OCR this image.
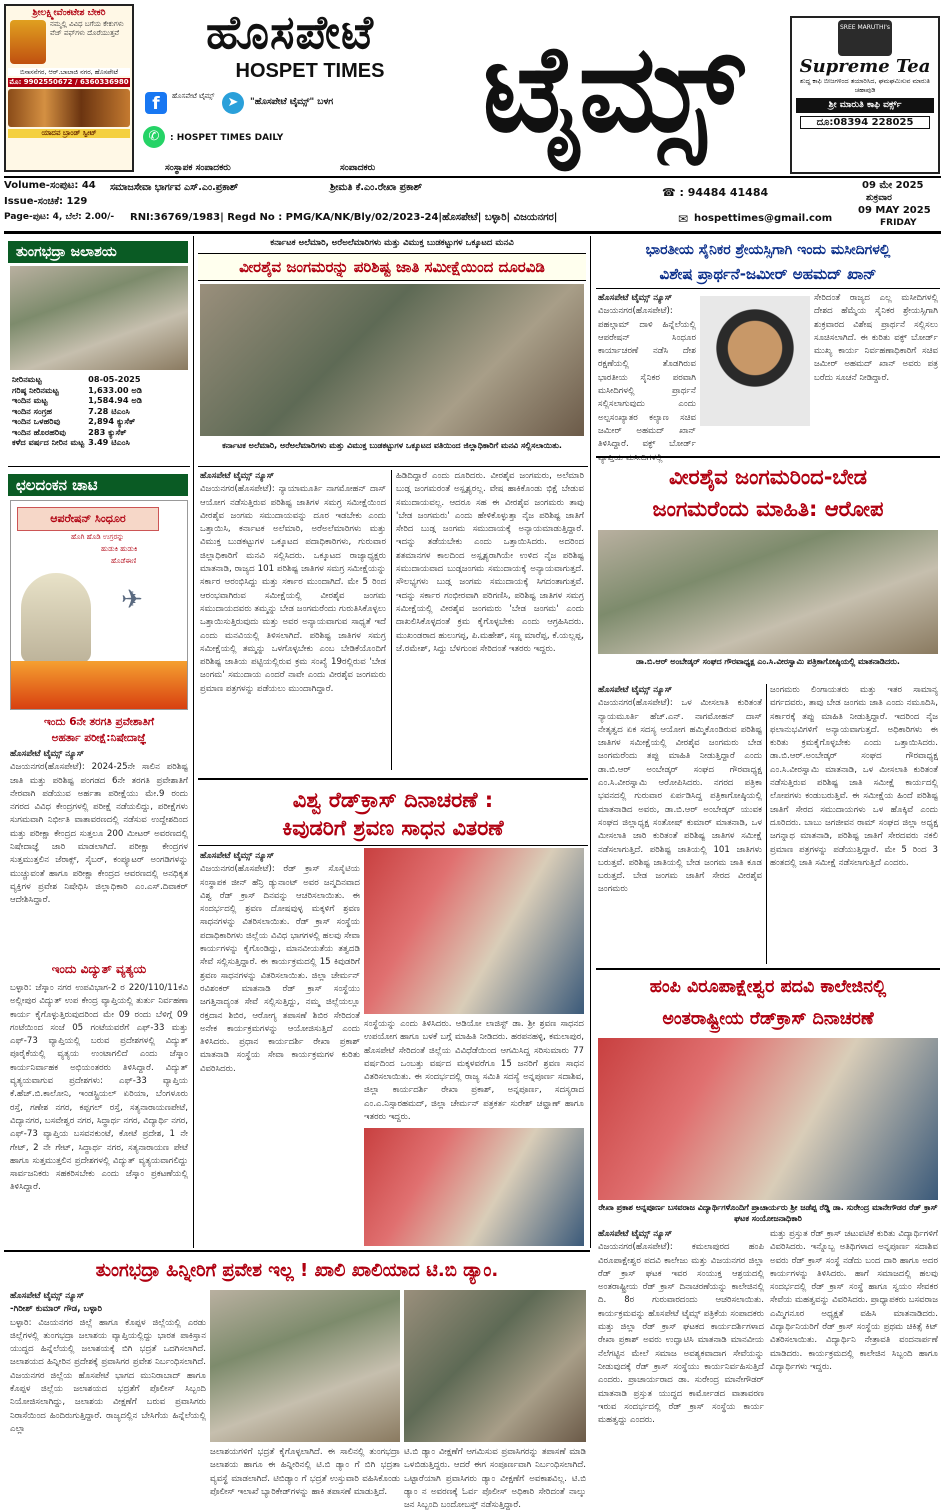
ಶ್ರೀಲಕ್ಷ್ಮೀವೆಂಕಟೇಶ ಬೇಕರಿ
ನಮ್ಮಲ್ಲಿ ವಿವಿಧ ಬಗೆಯ ಕೇಕುಗಳು ವೆಜ್ ಪಫ್‌ಗಳು ದೊರೆಯುತ್ತವೆ
ಬಿಸಾಸನೆಗರ, ಆರ್.ಬಾಲಾಜಿ ನಗರ, ಹೊಸಪೇಟೆ
ಮೊ: 9902550672 / 6360336980
ಯಾದವ ಬ್ರಾಂಡ್ ಸ್ವೀಟ್
ಹೊಸಪೇಟೆ
HOSPET TIMES ಟೈಮ್ಸ್
f	ಹೊಸಪೇಟೆ ಟೈಮ್ಸ್	➤	"ಹೊಸಪೇಟೆ ಟೈಮ್ಸ್" ಬಳಗ
✆	: HOSPET TIMES DAILY
ಸಂಸ್ಥಾಪಕ ಸಂಪಾದಕರು	ಸಂಪಾದಕರು
SREE MARUTHI's
Supreme Tea
ಶುದ್ಧ ಕಾಫಿ ಬೀಜಗಳಿಂದ ತಯಾರಿಸಿದ, ಘಮಘಮಿಸುವ ಮಾರುತಿ ಚಹಾಪುಡಿ
ಶ್ರೀ ಮಾರುತಿ ಕಾಫಿ ವರ್ಕ್ಸ್
ದೂ:08394 228025
Volume-ಸಂಪುಟ: 44
Issue-ಸಂಚಿಕೆ: 129
Page-ಪುಟ: 4, ಬೆಲೆ: 2.00/-
ಸಮಾಜಸೇವಾ ಭಾರ್ಗವ ಎಸ್.ಎಂ.ಪ್ರಕಾಶ್	ಶ್ರೀಮತಿ ಕೆ.ಎಂ.ರೇಖಾ ಪ್ರಕಾಶ್	☎ : 94484 41484
09 ಮೇ 2025
ಶುಕ್ರವಾರ
09 MAY 2025
FRIDAY
RNI:36769/1983| Regd No : PMG/KA/NK/Bly/02/2023-24|ಹೊಸಪೇಟೆ| ಬಳ್ಳಾರಿ| ವಿಜಯನಗರ|	✉ hospettimes@gmail.com
ತುಂಗಭದ್ರಾ ಜಲಾಶಯ
ನೀರಿನಮಟ್ಟ	08-05-2025
ಗರಿಷ್ಠ ನೀರಿನಮಟ್ಟ	1,633.00 ಅಡಿ
ಇಂದಿನ ಮಟ್ಟ	1,584.94 ಅಡಿ
ಇಂದಿನ ಸಂಗ್ರಹ	7.28 ಟಿಎಂಸಿ
ಇಂದಿನ ಒಳಹರಿವು	2,894 ಕ್ಯುಸೆಕ್
ಇಂದಿನ ಹೊರಹರಿವು	283 ಕ್ಯುಸೆಕ್
ಕಳೆದ ವರ್ಷದ ನೀರಿನ ಮಟ್ಟ	3.49 ಟಿಎಂಸಿ
ಛಲದಂಕನ ಚಾಟಿ
ಆಪರೇಷನ್ ಸಿಂಧೂರ
ಹೊಗಿ ಹೊಡಿ ಉಗ್ರರನ್ನು
ಹುಡುಕಿ ಹುಡುಕಿ
ಹೊಡೆಈಣಿ
✈
ಇಂದು 6ನೇ ತರಗತಿ ಪ್ರವೇಶಾತಿಗೆ
ಅಹರ್ತಾ ಪರೀಕ್ಷೆ:ನಿಷೇದಾಜ್ಞೆ
ಹೊಸಪೇಟೆ ಟೈಮ್ಸ್ ನ್ಯೂಸ್
ವಿಜಯನಗರ(ಹೊಸಪೇಟೆ): 2024-25ನೇ ಸಾಲಿನ ಪರಿಶಿಷ್ಟ ಜಾತಿ ಮತ್ತು ಪರಿಶಿಷ್ಟ ಪಂಗಡದ 6ನೇ ತರಗತಿ ಪ್ರವೇಶಾತಿಗೆ ನೇರವಾಗಿ ಪಡೆಯುವ ಅರ್ಹತಾ ಪರೀಕ್ಷೆಯು ಮೇ.9 ರಂದು ನಗರದ ವಿವಿಧ ಕೇಂದ್ರಗಳಲ್ಲಿ ಪರೀಕ್ಷೆ ನಡೆಯಲಿದ್ದು, ಪರೀಕ್ಷೆಗಳು ಸುಗಮವಾಗಿ ನಿರ್ಭೀತಿ ವಾತಾವರಣದಲ್ಲಿ ನಡೆಸುವ ಉದ್ದೇಶದಿಂದ ಮತ್ತು ಪರೀಕ್ಷಾ ಕೇಂದ್ರದ ಸುತ್ತಲೂ 200 ಮೀಟರ್ ಅವರಣದಲ್ಲಿ ನಿಷೇದಾಜ್ಞೆ ಜಾರಿ ಮಾಡಲಾಗಿದೆ. ಪರೀಕ್ಷಾ ಕೇಂದ್ರಗಳ ಸುತ್ತಮುತ್ತಲಿನ ಜೆರಾಕ್ಸ್, ಸೈಬರ್, ಕಂಪ್ಯೂಟರ್ ಅಂಗಡಿಗಳನ್ನು ಮುಚ್ಚುವಂತೆ ಹಾಗೂ ಪರೀಕ್ಷಾ ಕೇಂದ್ರದ ಆವರಣದಲ್ಲಿ ಅನಧಿಕೃತ ವ್ಯಕ್ತಿಗಳ ಪ್ರವೇಶ ನಿಷೇಧಿಸಿ ಜಿಲ್ಲಾಧಿಕಾರಿ ಎಂ.ಎಸ್.ದಿವಾಕರ್ ಆದೇಶಿಸಿದ್ದಾರೆ.
ಇಂದು ವಿದ್ಯುತ್ ವ್ಯತ್ಯಯ
ಬಳ್ಳಾರಿ: ಜೆಸ್ಕಾಂ ನಗರ ಉಪವಿಭಾಗ-2 ರ 220/110/11ಕೆವಿ ಅಲ್ಲೀಪುರ ವಿದ್ಯುತ್ ಉಪ ಕೇಂದ್ರ ವ್ಯಾಪ್ತಿಯಲ್ಲಿ ತುರ್ತು ನಿರ್ವಹಣಾ ಕಾರ್ಯ ಕೈಗೊಳ್ಳುತ್ತಿರುವುದರಿಂದ ಮೇ 09 ರಂದು ಬೆಳಿಗ್ಗೆ 09 ಗಂಟೆಯಿಂದ ಸಂಜೆ 05 ಗಂಟೆಯವರೆಗೆ ಎಫ್-33 ಮತ್ತು ಎಫ್-73 ವ್ಯಾಪ್ತಿಯಲ್ಲಿ ಬರುವ ಪ್ರದೇಶಗಳಲ್ಲಿ ವಿದ್ಯುತ್ ಪೂರೈಕೆಯಲ್ಲಿ ವ್ಯತ್ಯಯ ಉಂಟಾಗಲಿದೆ ಎಂದು ಜೆಸ್ಕಾಂ ಕಾರ್ಯನಿರ್ವಾಹಕ ಅಭಿಯಂತರರು ತಿಳಿಸಿದ್ದಾರೆ. ವಿದ್ಯುತ್ ವ್ಯತ್ಯಯವಾಗುವ ಪ್ರದೇಶಗಳು: ಎಫ್-33 ವ್ಯಾಪ್ತಿಯ ಕೆ.ಹೆಚ್.ಬಿ.ಕಾಲೋನಿ, ಇಂಡಸ್ಟ್ರಿಯಲ್ ಏರಿಯಾ, ಬೆಂಗಳೂರು ರಸ್ತೆ, ಗಣೇಶ ನಗರ, ಕಪ್ಪಗಲ್ ರಸ್ತೆ, ಸತ್ಯನಾರಾಯಣಪೇಟೆ, ವಿದ್ಯಾನಗರ, ಬಸವೇಶ್ವರ ನಗರ, ಸಿದ್ಧಾರ್ಥ ನಗರ, ವಿದ್ಯಾರ್ಥಿ ನಗರ, ಎಫ್-73 ವ್ಯಾಪ್ತಿಯ ಬಸವನಕುಂಟೆ, ಕೋಟೆ ಪ್ರದೇಶ, 1 ನೇ ಗೇಟ್, 2 ನೇ ಗೇಟ್, ಸಿದ್ಧಾರ್ಥ ನಗರ, ಸತ್ಯನಾರಾಯಣ ಪೇಟೆ ಹಾಗೂ ಸುತ್ತಮುತ್ತಲಿನ ಪ್ರದೇಶಗಳಲ್ಲಿ ವಿದ್ಯುತ್ ವ್ಯತ್ಯಯವಾಗಲಿದ್ದು ಸಾರ್ವಜನಿಕರು ಸಹಕರಿಸಬೇಕು ಎಂದು ಜೆಸ್ಕಾಂ ಪ್ರಕಟಣೆಯಲ್ಲಿ ತಿಳಿಸಿದ್ದಾರೆ.
ಕರ್ನಾಟಕ ಅಲೆಮಾರಿ, ಅರೆಅಲೆಮಾರಿಗಳು ಮತ್ತು ವಿಮುಕ್ತ ಬುಡಕಟ್ಟುಗಳ ಒಕ್ಕೂಟದ ಮನವಿ
ವೀರಶೈವ ಜಂಗಮರನ್ನು ಪರಿಶಿಷ್ಟ ಜಾತಿ ಸಮೀಕ್ಷೆಯಿಂದ ದೂರವಿಡಿ
ಕರ್ನಾಟಕ ಅಲೆಮಾರಿ, ಅರೆಅಲೆಮಾರಿಗಳು ಮತ್ತು ವಿಮುಕ್ತ ಬುಡಕಟ್ಟುಗಳ ಒಕ್ಕೂಟದ ವತಿಯಿಂದ ಜಿಲ್ಲಾಧಿಕಾರಿಗೆ ಮನವಿ ಸಲ್ಲಿಸಲಾಯಿತು.
ಹೊಸಪೇಟೆ ಟೈಮ್ಸ್ ನ್ಯೂಸ್
ವಿಜಯನಗರ(ಹೊಸಪೇಟೆ): ನ್ಯಾಯಾಮೂರ್ತಿ ನಾಗಮೋಹನ್ ದಾಸ್ ಆಯೋಗ ನಡೆಸುತ್ತಿರುವ ಪರಿಶಿಷ್ಟ ಜಾತಿಗಳ ಸಮಗ್ರ ಸಮೀಕ್ಷೆಯಿಂದ ವೀರಶೈವ ಜಂಗಮ ಸಮುದಾಯವನ್ನು ದೂರ ಇಡಬೇಕು ಎಂದು ಒತ್ತಾಯಿಸಿ, ಕರ್ನಾಟಕ ಅಲೆಮಾರಿ, ಅರೆಅಲೆಮಾರಿಗಳು ಮತ್ತು ವಿಮುಕ್ತ ಬುಡಕಟ್ಟುಗಳ ಒಕ್ಕೂಟದ ಪದಾಧಿಕಾರಿಗಳು, ಗುರುವಾರ ಜಿಲ್ಲಾಧಿಕಾರಿಗೆ ಮನವಿ ಸಲ್ಲಿಸಿದರು. ಒಕ್ಕೂಟದ ರಾಜ್ಯಾಧ್ಯಕ್ಷರು ಮಾತನಾಡಿ, ರಾಜ್ಯದ 101 ಪರಿಶಿಷ್ಟ ಜಾತಿಗಳ ಸಮಗ್ರ ಸಮೀಕ್ಷೆಯನ್ನು ಸರ್ಕಾರ ಆರಂಭಿಸಿದ್ದು ಮತ್ತು ಸರ್ಕಾರ ಮುಂದಾಗಿದೆ. ಮೇ 5 ರಿಂದ ಆರಂಭವಾಗಿರುವ ಸಮೀಕ್ಷೆಯಲ್ಲಿ ವೀರಶೈವ ಜಂಗಮ ಸಮುದಾಯದವರು ತಮ್ಮನ್ನು ಬೇಡ ಜಂಗಮರೆಂದು ಗುರುತಿಸಿಕೊಳ್ಳಲು ಒತ್ತಾಯಿಸುತ್ತಿರುವುದು ಮತ್ತು ಅವರ ಅನ್ಯಾಯವಾಗುವ ಸಾಧ್ಯತೆ ಇದೆ ಎಂದು ಮನವಿಯಲ್ಲಿ ತಿಳಿಸಲಾಗಿದೆ. ಪರಿಶಿಷ್ಟ ಜಾತಿಗಳ ಸಮಗ್ರ ಸಮೀಕ್ಷೆಯಲ್ಲಿ ತಮ್ಮನ್ನು ಒಳಗೊಳ್ಳಬೇಕು ಎಂಬ ಬೇಡಿಕೆಯೊಂದಿಗೆ ಪರಿಶಿಷ್ಟ ಜಾತಿಯ ಪಟ್ಟಿಯಲ್ಲಿರುವ ಕ್ರಮ ಸಂಖ್ಯೆ 19ರಲ್ಲಿರುವ 'ಬೇಡ ಜಂಗಮ' ಸಮುದಾಯ ಎಂದರೆ ನಾವೇ ಎಂದು ವೀರಶೈವ ಜಂಗಮರು ಪ್ರಮಾಣ ಪತ್ರಗಳನ್ನು ಪಡೆಯಲು ಮುಂದಾಗಿದ್ದಾರೆ.
ಹಿಡಿದಿದ್ದಾರೆ ಎಂದು ದೂರಿದರು. ವೀರಶೈವ ಜಂಗಮರು, ಅಲೆಮಾರಿ ಬುಡ್ಗ ಜಂಗಮರಂತೆ ಅಸ್ಪೃಶ್ಯರಲ್ಲ. ವೇಷ ಹಾಕಿಕೊಂಡು ಭಿಕ್ಷೆ ಬೇಡುವ ಸಮುದಾಯವಲ್ಲ. ಆದರೂ ಸಹ ಈ ವೀರಶೈವ ಜಂಗಮರು ತಾವು 'ಬೇಡ ಜಂಗಮರು' ಎಂದು ಹೇಳಿಕೊಳ್ಳುತ್ತಾ ನೈಜ ಪರಿಶಿಷ್ಟ ಜಾತಿಗೆ ಸೇರಿದ ಬುಡ್ಗ ಜಂಗಮ ಸಮುದಾಯಕ್ಕೆ ಅನ್ಯಾಯಮಾಡುತ್ತಿದ್ದಾರೆ. ಇದನ್ನು ತಡೆಯಬೇಕು ಎಂದು ಒತ್ತಾಯಿಸಿದರು. ಅದರಿಂದ ಶತಮಾನಗಳ ಕಾಲದಿಂದ ಅಸ್ಪೃಶ್ಯರಾಗಿಯೇ ಉಳಿದ ನೈಜ ಪರಿಶಿಷ್ಟ ಸಮುದಾಯವಾದ ಬುಡ್ಗಜಂಗಮ ಸಮುದಾಯಕ್ಕೆ ಅನ್ಯಾಯವಾಗುತ್ತದೆ. ಸೌಲಭ್ಯಗಳು ಬುಡ್ಗ ಜಂಗಮ ಸಮುದಾಯಕ್ಕೆ ಸಿಗದಂತಾಗುತ್ತವೆ. ಇದನ್ನು ಸರ್ಕಾರ ಗಂಭೀರವಾಗಿ ಪರಿಗಣಿಸಿ, ಪರಿಶಿಷ್ಟ ಜಾತಿಗಳ ಸಮಗ್ರ ಸಮೀಕ್ಷೆಯಲ್ಲಿ ವೀರಶೈವ ಜಂಗಮರು 'ಬೇಡ ಜಂಗಮ' ಎಂದು ದಾಖಲಿಸಿಕೊಳ್ಳದಂತೆ ಕ್ರಮ ಕೈಗೊಳ್ಳಬೇಕು ಎಂದು ಆಗ್ರಹಿಸಿದರು. ಮುಖಂಡರಾದ ಹುಲುಗಪ್ಪ, ಪಿ.ಮಹೇಶ್, ಸಣ್ಣ ಮಾರೆಪ್ಪ, ಕೆ.ಯಲ್ಲಪ್ಪ, ಜೆ.ರಮೇಶ್, ಸಿದ್ದು ಬೆಳಗುಂಪ ಸೇರಿದಂತೆ ಇತರರು ಇದ್ದರು.
ವಿಶ್ವ ರೆಡ್‌ಕ್ರಾಸ್ ದಿನಾಚರಣೆ :
ಕಿವುಡರಿಗೆ ಶ್ರವಣ ಸಾಧನ ವಿತರಣೆ
ಹೊಸಪೇಟೆ ಟೈಮ್ಸ್ ನ್ಯೂಸ್
ವಿಜಯನಗರ(ಹೊಸಪೇಟೆ): ರೆಡ್ ಕ್ರಾಸ್ ಸೊಸೈಟಿಯ ಸಂಸ್ಥಾಪಕ ಜೀನ್ ಹೆನ್ರಿ ಡ್ಯುನಾಂಟ್ ಅವರ ಜನ್ಮದಿನವಾದ ವಿಶ್ವ ರೆಡ್ ಕ್ರಾಸ್ ದಿನವನ್ನು ಆಚರಿಸಲಾಯಿತು. ಈ ಸಂದರ್ಭದಲ್ಲಿ ಶ್ರವಣ ದೋಷವುಳ್ಳ ಮಕ್ಕಳಿಗೆ ಶ್ರವಣ ಸಾಧನಗಳನ್ನು ವಿತರಿಸಲಾಯಿತು. ರೆಡ್ ಕ್ರಾಸ್ ಸಂಸ್ಥೆಯ ಪದಾಧಿಕಾರಿಗಳು ಜಿಲ್ಲೆಯ ವಿವಿಧ ಭಾಗಗಳಲ್ಲಿ ಹಲವು ಸೇವಾ ಕಾರ್ಯಗಳನ್ನು ಕೈಗೊಂಡಿದ್ದು, ಮಾನವೀಯತೆಯ ತತ್ವದಡಿ ಸೇವೆ ಸಲ್ಲಿಸುತ್ತಿದ್ದಾರೆ. ಈ ಕಾರ್ಯಕ್ರಮದಲ್ಲಿ 15 ಕಿವುಡರಿಗೆ ಶ್ರವಣ ಸಾಧನಗಳನ್ನು ವಿತರಿಸಲಾಯಿತು. ಜಿಲ್ಲಾ ಚೇರ್ಮನ್ ರವಿಶಂಕರ್ ಮಾತನಾಡಿ ರೆಡ್ ಕ್ರಾಸ್ ಸಂಸ್ಥೆಯು ಜಗತ್ತಿನಾದ್ಯಂತ ಸೇವೆ ಸಲ್ಲಿಸುತ್ತಿದ್ದು, ನಮ್ಮ ಜಿಲ್ಲೆಯಲ್ಲೂ ರಕ್ತದಾನ ಶಿಬಿರ, ಆರೋಗ್ಯ ತಪಾಸಣೆ ಶಿಬಿರ ಸೇರಿದಂತೆ ಅನೇಕ ಕಾರ್ಯಕ್ರಮಗಳನ್ನು ಆಯೋಜಿಸುತ್ತಿದೆ ಎಂದು ತಿಳಿಸಿದರು. ಪ್ರಧಾನ ಕಾರ್ಯದರ್ಶಿ ರೇಖಾ ಪ್ರಕಾಶ್ ಮಾತನಾಡಿ ಸಂಸ್ಥೆಯ ಸೇವಾ ಕಾರ್ಯಕ್ರಮಗಳ ಕುರಿತು ವಿವರಿಸಿದರು.
ಸಂಸ್ಥೆಯನ್ನು ಎಂದು ತಿಳಿಸಿದರು. ಆಡಿಯೋ ಲಾಜಿಸ್ಟ್ ಡಾ. ಶ್ರೀ ಶ್ರವಣ ಸಾಧನದ ಉಪಯೋಗ ಹಾಗೂ ಬಳಕೆ ಬಗ್ಗೆ ಮಾಹಿತಿ ನೀಡಿದರು. ಹರಪನಹಳ್ಳಿ, ಕಮಲಾಪುರ, ಹೊಸಪೇಟೆ ಸೇರಿದಂತೆ ಜಿಲ್ಲೆಯ ವಿವಿಧೆಡೆಯಿಂದ ಆಗಮಿಸಿದ್ದ ಸರಿಸುಮಾರು 77 ವರ್ಷದಿಂದ ಒಂಬತ್ತು ವರ್ಷದ ಮಕ್ಕಳವರೆಗೂ 15 ಜನರಿಗೆ ಶ್ರವಣ ಸಾಧನ ವಿತರಿಸಲಾಯಿತು. ಈ ಸಂದರ್ಭದಲ್ಲಿ ರಾಜ್ಯ ಸಮಿತಿ ಸದಸ್ಯೆ ಅನ್ನಪೂರ್ಣ ಸದಾಶಿವ, ಜಿಲ್ಲಾ ಕಾರ್ಯದರ್ಶಿ ರೇಖಾ ಪ್ರಕಾಶ್, ಅನ್ನಪೂರ್ಣ, ಸದಸ್ಯರಾದ ಎಂ.ಎ.ನಿಸ್ಸಾರಹಮದ್, ಜಿಲ್ಲಾ ಚೇರ್ಮನ್ ಪತ್ರಕರ್ತ ಸುರೇಶ್ ಚವ್ಹಾಣ್ ಹಾಗೂ ಇತರರು ಇದ್ದರು.
ಭಾರತೀಯ ಸೈನಿಕರ ಶ್ರೇಯಸ್ಸಿಗಾಗಿ ಇಂದು ಮಸೀದಿಗಳಲ್ಲಿ
ವಿಶೇಷ ಪ್ರಾರ್ಥನೆ-ಜಮೀರ್ ಅಹಮದ್ ಖಾನ್
ಹೊಸಪೇಟೆ ಟೈಮ್ಸ್ ನ್ಯೂಸ್
ವಿಜಯನಗರ(ಹೊಸಪೇಟೆ): ಪಹಲ್ಗಾಮ್ ದಾಳಿ ಹಿನ್ನೆಲೆಯಲ್ಲಿ ಆಪರೇಷನ್ ಸಿಂಧೂರ ಕಾರ್ಯಾಚರಣೆ ನಡೆಸಿ ದೇಶ ರಕ್ಷಣೆಯಲ್ಲಿ ತೊಡಗಿರುವ ಭಾರತೀಯ ಸೈನಿಕರ ಪರವಾಗಿ ಮಸೀದಿಗಳಲ್ಲಿ ಪ್ರಾರ್ಥನೆ ಸಲ್ಲಿಸಲಾಗುವುದು ಎಂದು ಅಲ್ಪಸಂಖ್ಯಾತರ ಕಲ್ಯಾಣ ಸಚಿವ ಜಮೀರ್ ಅಹಮದ್ ಖಾನ್ ತಿಳಿಸಿದ್ದಾರೆ. ವಕ್ಫ್ ಬೋರ್ಡ್
ಸೇರಿದಂತೆ ರಾಜ್ಯದ ಎಲ್ಲ ಮಸೀದಿಗಳಲ್ಲಿ ದೇಶದ ಹೆಮ್ಮೆಯ ಸೈನಿಕರ ಶ್ರೇಯಸ್ಸಿಗಾಗಿ ಶುಕ್ರವಾರದ ವಿಶೇಷ ಪ್ರಾರ್ಥನೆ ಸಲ್ಲಿಸಲು ಸೂಚಿಸಲಾಗಿದೆ. ಈ ಕುರಿತು ವಕ್ಫ್ ಬೋರ್ಡ್ ಮುಖ್ಯ ಕಾರ್ಯ ನಿರ್ವಹಣಾಧಿಕಾರಿಗೆ ಸಚಿವ ಜಮೀರ್ ಅಹಮದ್ ಖಾನ್ ಅವರು ಪತ್ರ ಬರೆದು ಸೂಚನೆ ನೀಡಿದ್ದಾರೆ.
ವೀರಶೈವ ಜಂಗಮರಿಂದ-ಬೇಡ
ಜಂಗಮರೆಂದು ಮಾಹಿತಿ: ಆರೋಪ
ಡಾ.ಬಿ.ಆರ್ ಅಂಬೇಡ್ಕರ್ ಸಂಘದ ಗೌರವಾಧ್ಯಕ್ಷ ಎಂ.ಸಿ.ವೀರಸ್ವಾಮಿ ಪತ್ರಿಕಾಗೋಷ್ಠಿಯಲ್ಲಿ ಮಾತನಾಡಿದರು.
ಹೊಸಪೇಟೆ ಟೈಮ್ಸ್ ನ್ಯೂಸ್
ವಿಜಯನಗರ(ಹೊಸಪೇಟೆ): ಒಳ ಮೀಸಲಾತಿ ಕುರಿತಂತೆ ನ್ಯಾಯಮೂರ್ತಿ ಹೆಚ್.ಎನ್. ನಾಗಮೋಹನ್ ದಾಸ್ ನೇತೃತ್ವದ ಏಕ ಸದಸ್ಯ ಆಯೋಗ ಹಮ್ಮಿಕೊಂಡಿರುವ ಪರಿಶಿಷ್ಟ ಜಾತಿಗಳ ಸಮೀಕ್ಷೆಯಲ್ಲಿ ವೀರಶೈವ ಜಂಗಮರು ಬೇಡ ಜಂಗಮರೆಂದು ತಪ್ಪು ಮಾಹಿತಿ ನೀಡುತ್ತಿದ್ದಾರೆ ಎಂದು ಡಾ.ಬಿ.ಆರ್ ಅಂಬೇಡ್ಕರ್ ಸಂಘದ ಗೌರವಾಧ್ಯಕ್ಷ ಎಂ.ಸಿ.ವೀರಸ್ವಾಮಿ ಆರೋಪಿಸಿದರು. ನಗರದ ಪತ್ರಿಕಾ ಭವನದಲ್ಲಿ ಗುರುವಾರ ಏರ್ಪಡಿಸಿದ್ದ ಪತ್ರಿಕಾಗೋಷ್ಠಿಯಲ್ಲಿ ಮಾತನಾಡಿದ ಅವರು, ಡಾ.ಬಿ.ಆರ್ ಅಂಬೇಡ್ಕರ್ ಯುವಕ ಸಂಘದ ಜಿಲ್ಲಾಧ್ಯಕ್ಷ ಸಂತೋಷ್ ಕುಮಾರ್ ಮಾತನಾಡಿ, ಒಳ ಮೀಸಲಾತಿ ಜಾರಿ ಕುರಿತಂತೆ ಪರಿಶಿಷ್ಟ ಜಾತಿಗಳ ಸಮೀಕ್ಷೆ ನಡೆಸಲಾಗುತ್ತಿದೆ. ಪರಿಶಿಷ್ಟ ಜಾತಿಯಲ್ಲಿ 101 ಜಾತಿಗಳು ಬರುತ್ತವೆ. ಪರಿಶಿಷ್ಟ ಜಾತಿಯಲ್ಲಿ ಬೇಡ ಜಂಗಮ ಜಾತಿ ಕೂಡ ಬರುತ್ತದೆ. ಬೇಡ ಜಂಗಮ ಜಾತಿಗೆ ಸೇರದ ವೀರಶೈವ ಜಂಗಮರು
ಜಂಗಮರು ಲಿಂಗಾಯತರು ಮತ್ತು ಇತರ ಸಾಮಾನ್ಯ ವರ್ಗದವರು, ತಾವು ಬೇಡ ಜಂಗಮ ಜಾತಿ ಎಂದು ನಮೂದಿಸಿ, ಸರ್ಕಾರಕ್ಕೆ ತಪ್ಪು ಮಾಹಿತಿ ನೀಡುತ್ತಿದ್ದಾರೆ. ಇದರಿಂದ ನೈಜ ಫಲಾನುಭವಿಗಳಿಗೆ ಅನ್ಯಾಯವಾಗುತ್ತದೆ. ಅಧಿಕಾರಿಗಳು ಈ ಕುರಿತು ಕ್ರಮಕೈಗೊಳ್ಳಬೇಕು ಎಂದು ಒತ್ತಾಯಿಸಿದರು. ಡಾ.ಬಿ.ಆರ್.ಅಂಬೇಡ್ಕರ್ ಸಂಘದ ಗೌರವಾಧ್ಯಕ್ಷ ಎಂ.ಸಿ.ವೀರಸ್ವಾಮಿ ಮಾತನಾಡಿ, ಒಳ ಮೀಸಲಾತಿ ಕುರಿತಂತೆ ನಡೆಸುತ್ತಿರುವ ಪರಿಶಿಷ್ಟ ಜಾತಿ ಸಮೀಕ್ಷೆ ಕಾರ್ಯದಲ್ಲಿ ಲೋಪಗಳು ಕಂಡುಬರುತ್ತಿವೆ. ಈ ಸಮೀಕ್ಷೆಯ ಹಿಂದೆ ಪರಿಶಿಷ್ಟ ಜಾತಿಗೆ ಸೇರದ ಸಮುದಾಯಗಳು ಒಳ ಹೊಕ್ಕಿವೆ ಎಂದು ದೂರಿದರು. ಬಾಬು ಜಗಜೀವನ ರಾಮ್ ಸಂಘದ ಜಿಲ್ಲಾ ಅಧ್ಯಕ್ಷ ಜಗನ್ನಾಥ ಮಾತನಾಡಿ, ಪರಿಶಿಷ್ಟ ಜಾತಿಗೆ ಸೇರದವರು ನಕಲಿ ಪ್ರಮಾಣ ಪತ್ರಗಳನ್ನು ಪಡೆಯುತ್ತಿದ್ದಾರೆ. ಮೇ 5 ರಿಂದ 3 ಹಂತದಲ್ಲಿ ಜಾತಿ ಸಮೀಕ್ಷೆ ನಡೆಸಲಾಗುತ್ತಿದೆ ಎಂದರು.
ಹಂಪಿ ವಿರೂಪಾಕ್ಷೇಶ್ವರ ಪದವಿ ಕಾಲೇಜಿನಲ್ಲಿ
ಅಂತರಾಷ್ಟ್ರೀಯ ರೆಡ್‌ಕ್ರಾಸ್ ದಿನಾಚರಣೆ
ರೇಖಾ ಪ್ರಕಾಶ ಅನ್ನಪೂರ್ಣ ಬಸವರಾಜ ವಿದ್ಯಾರ್ಥಿಗಳೊಂದಿಗೆ ಪ್ರಾಚಾರ್ಯರು ಶ್ರೀ ಜಡೆಪ್ಪ ರೆಡ್ಡಿ ಡಾ. ಸುರೇಂದ್ರ ಮಾನೇಗೌಡರ ರೆಡ್ ಕ್ರಾಸ್ ಘಟಕ ಸಂಯೋಜನಾಧಿಕಾರಿ
ಹೊಸಪೇಟೆ ಟೈಮ್ಸ್ ನ್ಯೂಸ್
ವಿಜಯನಗರ(ಹೊಸಪೇಟೆ): ಕಮಲಾಪುರದ ಹಂಪಿ ವಿರೂಪಾಕ್ಷೇಶ್ವರ ಪದವಿ ಕಾಲೇಜು ಮತ್ತು ವಿಜಯನಗರ ಜಿಲ್ಲಾ ರೆಡ್ ಕ್ರಾಸ್ ಘಟಕ ಇವರ ಸಂಯುಕ್ತ ಆಶ್ರಯದಲ್ಲಿ ಅಂತರಾಷ್ಟ್ರೀಯ ರೆಡ್ ಕ್ರಾಸ್ ದಿನಾಚರಣೆಯನ್ನು ಕಾಲೇಜಿನಲ್ಲಿ ದಿ. 8ರ ಗುರುವಾರದಂದು ಆಚರಿಸಲಾಯಿತು. ಕಾರ್ಯಕ್ರಮವನ್ನು ಹೊಸಪೇಟೆ ಟೈಮ್ಸ್ ಪತ್ರಿಕೆಯ ಸಂಪಾದಕರು ಮತ್ತು ಜಿಲ್ಲಾ ರೆಡ್ ಕ್ರಾಸ್ ಘಟಕದ ಕಾರ್ಯದರ್ಶಿಗಳಾದ ರೇಖಾ ಪ್ರಕಾಶ್ ಅವರು ಉದ್ಘಾಟಿಸಿ ಮಾತನಾಡಿ ಮಾನವೀಯ ನೆಲೆಗಟ್ಟಿನ ಮೇಲೆ ಸಮಾಜ ಅವಶ್ಯಕವಾದಾಗ ಸೇವೆಯನ್ನು ನೀಡುವುದಕ್ಕೆ ರೆಡ್ ಕ್ರಾಸ್ ಸಂಸ್ಥೆಯು ಕಾರ್ಯನಿರ್ವಹಿಸುತ್ತಿದೆ ಎಂದರು. ಪ್ರಾಚಾರ್ಯರಾದ ಡಾ. ಸುರೇಂದ್ರ ಮಾನೇಗೌಡರ್ ಮಾತನಾಡಿ ಪ್ರಸ್ತುತ ಯುದ್ಧದ ಕಾರ್ಮೋಡದ ವಾತಾವರಣ ಇರುವ ಸಂದರ್ಭದಲ್ಲಿ ರೆಡ್ ಕ್ರಾಸ್ ಸಂಸ್ಥೆಯ ಕಾರ್ಯ ಮಹತ್ವದ್ದು ಎಂದರು.
ಮತ್ತು ಪ್ರಸ್ತುತ ರೆಡ್ ಕ್ರಾಸ್ ಚಟುವಟಿಕೆ ಕುರಿತು ವಿದ್ಯಾರ್ಥಿಗಳಿಗೆ ವಿವರಿಸಿದರು. ಇನ್ನೊಬ್ಬ ಅತಿಥಿಗಳಾದ ಅನ್ನಪೂರ್ಣ ಸದಾಶಿವ ಅವರು ರೆಡ್ ಕ್ರಾಸ್ ಸಂಸ್ಥೆ ನಡೆದು ಬಂದ ದಾರಿ ಹಾಗೂ ಅದರ ಕಾರ್ಯಗಳನ್ನು ತಿಳಿಸಿದರು. ಹಾಗೆ ಸಮಾಜದಲ್ಲಿ ಹಲವು ಸಂದರ್ಭದಲ್ಲಿ ರೆಡ್ ಕ್ರಾಸ್ ಸಂಸ್ಥೆ ಹಾಗೂ ಸ್ವಯಂ ಸೇವಕರ ಸೇವೆಯ ಮಹತ್ವವನ್ನು ವಿವರಿಸಿದರು. ಪ್ರಾಧ್ಯಾಪಕರು ಬಸವರಾಜ ಎಮ್ಮಿಗನೂರ ಅಧ್ಯಕ್ಷತೆ ವಹಿಸಿ ಮಾತನಾಡಿದರು. ವಿದ್ಯಾರ್ಥಿನಿಯರಿಗೆ ರೆಡ್ ಕ್ರಾಸ್ ಸಂಸ್ಥೆಯ ಪ್ರಥಮ ಚಿಕಿತ್ಸೆ ಕಿಟ್ ವಿತರಿಸಲಾಯಿತು. ವಿದ್ಯಾರ್ಥಿನಿ ನೇತ್ರಾವತಿ ವಂದನಾರ್ಪಣೆ ಮಾಡಿದರು. ಕಾರ್ಯಕ್ರಮದಲ್ಲಿ ಕಾಲೇಜಿನ ಸಿಬ್ಬಂದಿ ಹಾಗೂ ವಿದ್ಯಾರ್ಥಿಗಳು ಇದ್ದರು.
ತುಂಗಭದ್ರಾ ಹಿನ್ನೀರಿಗೆ ಪ್ರವೇಶ ಇಲ್ಲ ! ಖಾಲಿ ಖಾಲಿಯಾದ ಟಿ.ಬಿ ಡ್ಯಾಂ.
ಹೊಸಪೇಟೆ ಟೈಮ್ಸ್ ನ್ಯೂಸ್
-ಗಿರೀಶ್ ಕುಮಾರ್ ಗೌಡ, ಬಳ್ಳಾರಿ
ಬಳ್ಳಾರಿ: ವಿಜಯನಗರ ಜಿಲ್ಲೆ ಹಾಗೂ ಕೊಪ್ಪಳ ಜಿಲ್ಲೆಯಲ್ಲಿ ಎರಡು ಜಿಲ್ಲೆಗಳಲ್ಲಿ ತುಂಗಭದ್ರಾ ಜಲಾಶಯ ವ್ಯಾಪ್ತಿಯಲ್ಲಿದ್ದು ಭಾರತ ಪಾಕಿಸ್ತಾನ ಯುದ್ಧದ ಹಿನ್ನೆಲೆಯಲ್ಲಿ ಜಲಾಶಯಕ್ಕೆ ಬಿಗಿ ಭದ್ರತೆ ಒದಗಿಸಲಾಗಿದೆ. ಜಲಾಶಯದ ಹಿನ್ನೀರಿನ ಪ್ರದೇಶಕ್ಕೆ ಪ್ರವಾಸಿಗರ ಪ್ರವೇಶ ನಿರ್ಬಂಧಿಸಲಾಗಿದೆ. ವಿಜಯನಗರ ಜಿಲ್ಲೆಯ ಹೊಸಪೇಟೆ ಭಾಗದ ಮುನಿರಾಬಾದ್ ಹಾಗೂ ಕೊಪ್ಪಳ ಜಿಲ್ಲೆಯ ಜಲಾಶಯದ ಭದ್ರತೆಗೆ ಪೊಲೀಸ್ ಸಿಬ್ಬಂದಿ ನಿಯೋಜಿಸಲಾಗಿದ್ದು, ಜಲಾಶಯ ವೀಕ್ಷಣೆಗೆ ಬರುವ ಪ್ರವಾಸಿಗರು ನಿರಾಸೆಯಿಂದ ಹಿಂದಿರುಗುತ್ತಿದ್ದಾರೆ. ರಾಜ್ಯದಲ್ಲಿನ ಬೇಸಿಗೆಯ ಹಿನ್ನೆಲೆಯಲ್ಲಿ ಎಲ್ಲಾ
ಜಲಾಶಯಗಳಿಗೆ ಭದ್ರತೆ ಕೈಗೊಳ್ಳಲಾಗಿದೆ. ಈ ಸಾಲಿನಲ್ಲಿ ತುಂಗಭದ್ರಾ ಜಲಾಶಯ ಹಾಗೂ ಈ ಹಿನ್ನೀರಿನಲ್ಲಿ ಟಿ.ಬಿ ಡ್ಯಾಂ ಗೆ ಬಿಗಿ ಭದ್ರತಾ ವ್ಯವಸ್ಥೆ ಮಾಡಲಾಗಿದೆ. ಟಿಬಿಡ್ಯಾಂ ಗೆ ಭದ್ರತೆ ಉಸ್ತುವಾರಿ ವಹಿಸಿಕೊಂಡು ಪೊಲೀಸ್ ಇಲಾಖೆ ಬ್ಯಾರಿಕೇಡ್‌ಗಳನ್ನು ಹಾಕಿ ತಪಾಸಣೆ ಮಾಡುತ್ತಿದೆ.
ಟಿ.ಬಿ ಡ್ಯಾಂ ವೀಕ್ಷಣೆಗೆ ಆಗಮಿಸುವ ಪ್ರವಾಸಿಗರನ್ನು ತಪಾಸಣೆ ಮಾಡಿ ಒಳಬಿಡುತ್ತಿದ್ದರು. ಆದರೆ ಈಗ ಸಂಪೂರ್ಣವಾಗಿ ನಿರ್ಬಂಧಿಸಲಾಗಿದೆ. ಒಟ್ಟಾರೆಯಾಗಿ ಪ್ರವಾಸಿಗರು ಡ್ಯಾಂ ವೀಕ್ಷಣೆಗೆ ಅವಕಾಶವಿಲ್ಲ. ಟಿ.ಬಿ ಡ್ಯಾಂ ನ ಅವರಣಕ್ಕೆ ಓರ್ವ ಪೊಲೀಸ್ ಅಧಿಕಾರಿ ಸೇರಿದಂತೆ ನಾಲ್ಕು ಜನ ಸಿಬ್ಬಂದಿ ಬಂದೋಬಸ್ತ್ ನಡೆಸುತ್ತಿದ್ದಾರೆ.
